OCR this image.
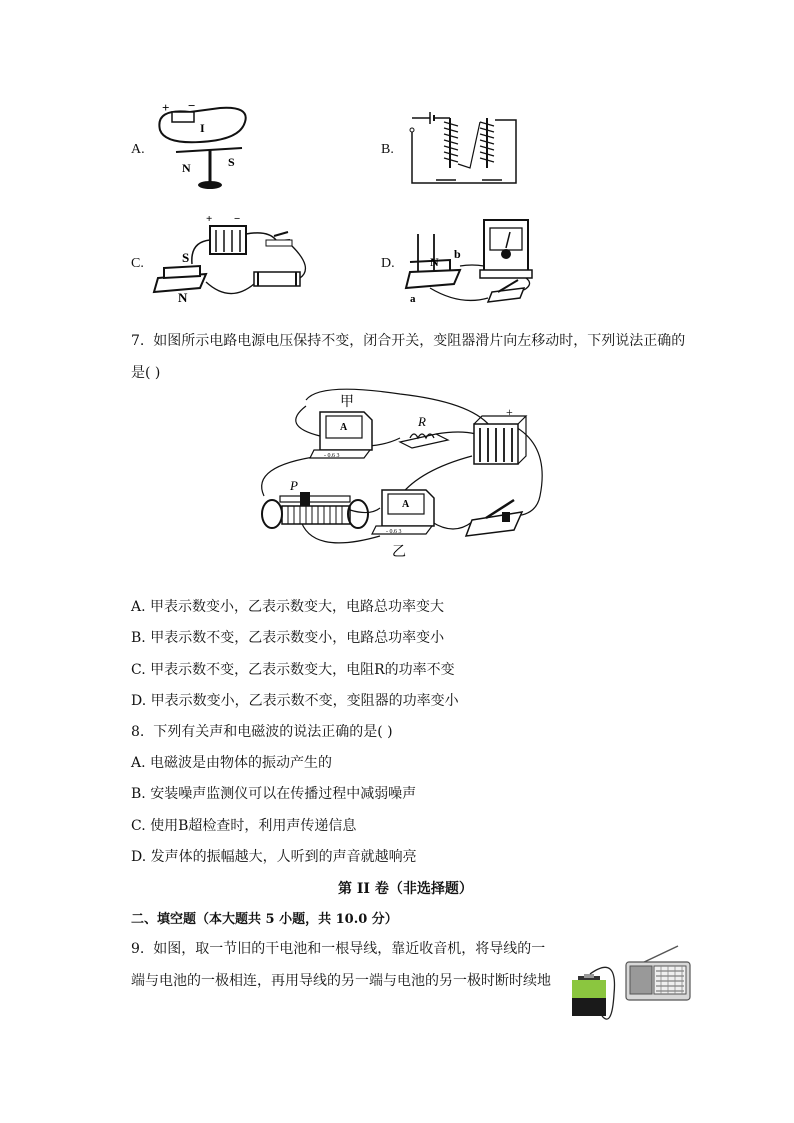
A.
+ −
I
N	S
B.
C.
+ −
S
N
D.	N
b
a
7. 如图所示电路电源电压保持不变，闭合开关，变阻器滑片向左移动时，下列说法正确的
是( )
甲
A
- 0.6 3
R
+
P
A
- 0.6 3
乙
A. 甲表示数变小，乙表示数变大，电路总功率变大
B. 甲表示数不变，乙表示数变小，电路总功率变小
C. 甲表示数不变，乙表示数变大，电阻R的功率不变
D. 甲表示数变小，乙表示数不变，变阻器的功率变小
8. 下列有关声和电磁波的说法正确的是( )
A. 电磁波是由物体的振动产生的
B. 安装噪声监测仪可以在传播过程中减弱噪声
C. 使用B超检查时，利用声传递信息
D. 发声体的振幅越大，人听到的声音就越响亮
第 II 卷（非选择题）
二、填空题（本大题共 5 小题，共 10.0 分）
9. 如图，取一节旧的干电池和一根导线，靠近收音机，将导线的一
端与电池的一极相连，再用导线的另一端与电池的另一极时断时续地
